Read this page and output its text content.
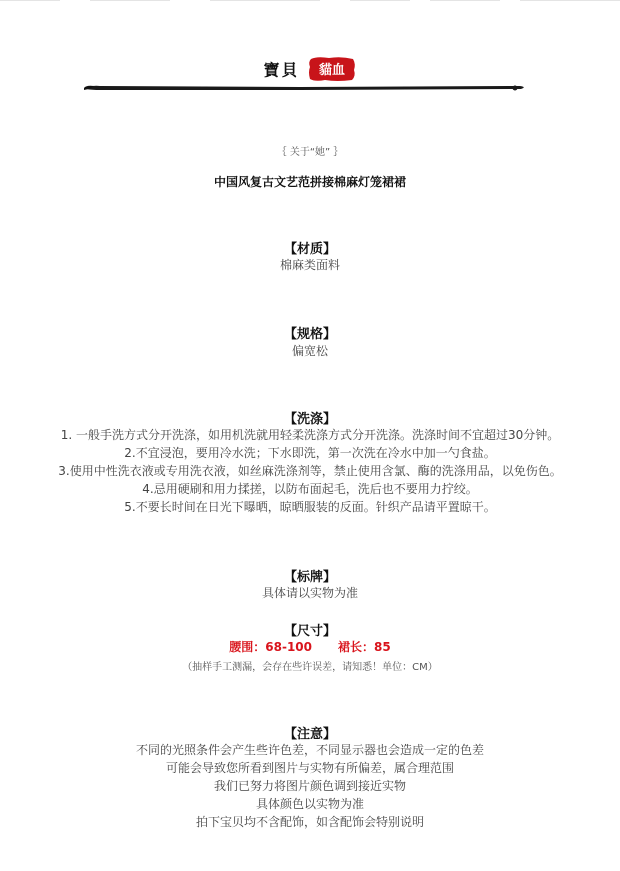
寶貝 貓血
｛ 关于“她” ｝
中国风复古文艺范拼接棉麻灯笼裙裙
【材质】
棉麻类面料
【规格】
偏宽松
【洗涤】
1. 一般手洗方式分开洗涤，如用机洗就用轻柔洗涤方式分开洗涤。洗涤时间不宜超过30分钟。
2.不宜浸泡，要用冷水洗；下水即洗，第一次洗在冷水中加一勺食盐。
3.使用中性洗衣液或专用洗衣液，如丝麻洗涤剂等，禁止使用含氯、酶的洗涤用品，以免伤色。
4.忌用硬刷和用力揉搓，以防布面起毛，洗后也不要用力拧绞。
5.不要长时间在日光下曝晒，晾晒服装的反面。针织产品请平置晾干。
【标牌】
具体请以实物为准
【尺寸】
腰围：68-100 裙长：85
（抽样手工测漏，会存在些许误差，请知悉！单位：CM）
【注意】
不同的光照条件会产生些许色差，不同显示器也会造成一定的色差
可能会导致您所看到图片与实物有所偏差，属合理范围
我们已努力将图片颜色调到接近实物
具体颜色以实物为准
拍下宝贝均不含配饰，如含配饰会特别说明
